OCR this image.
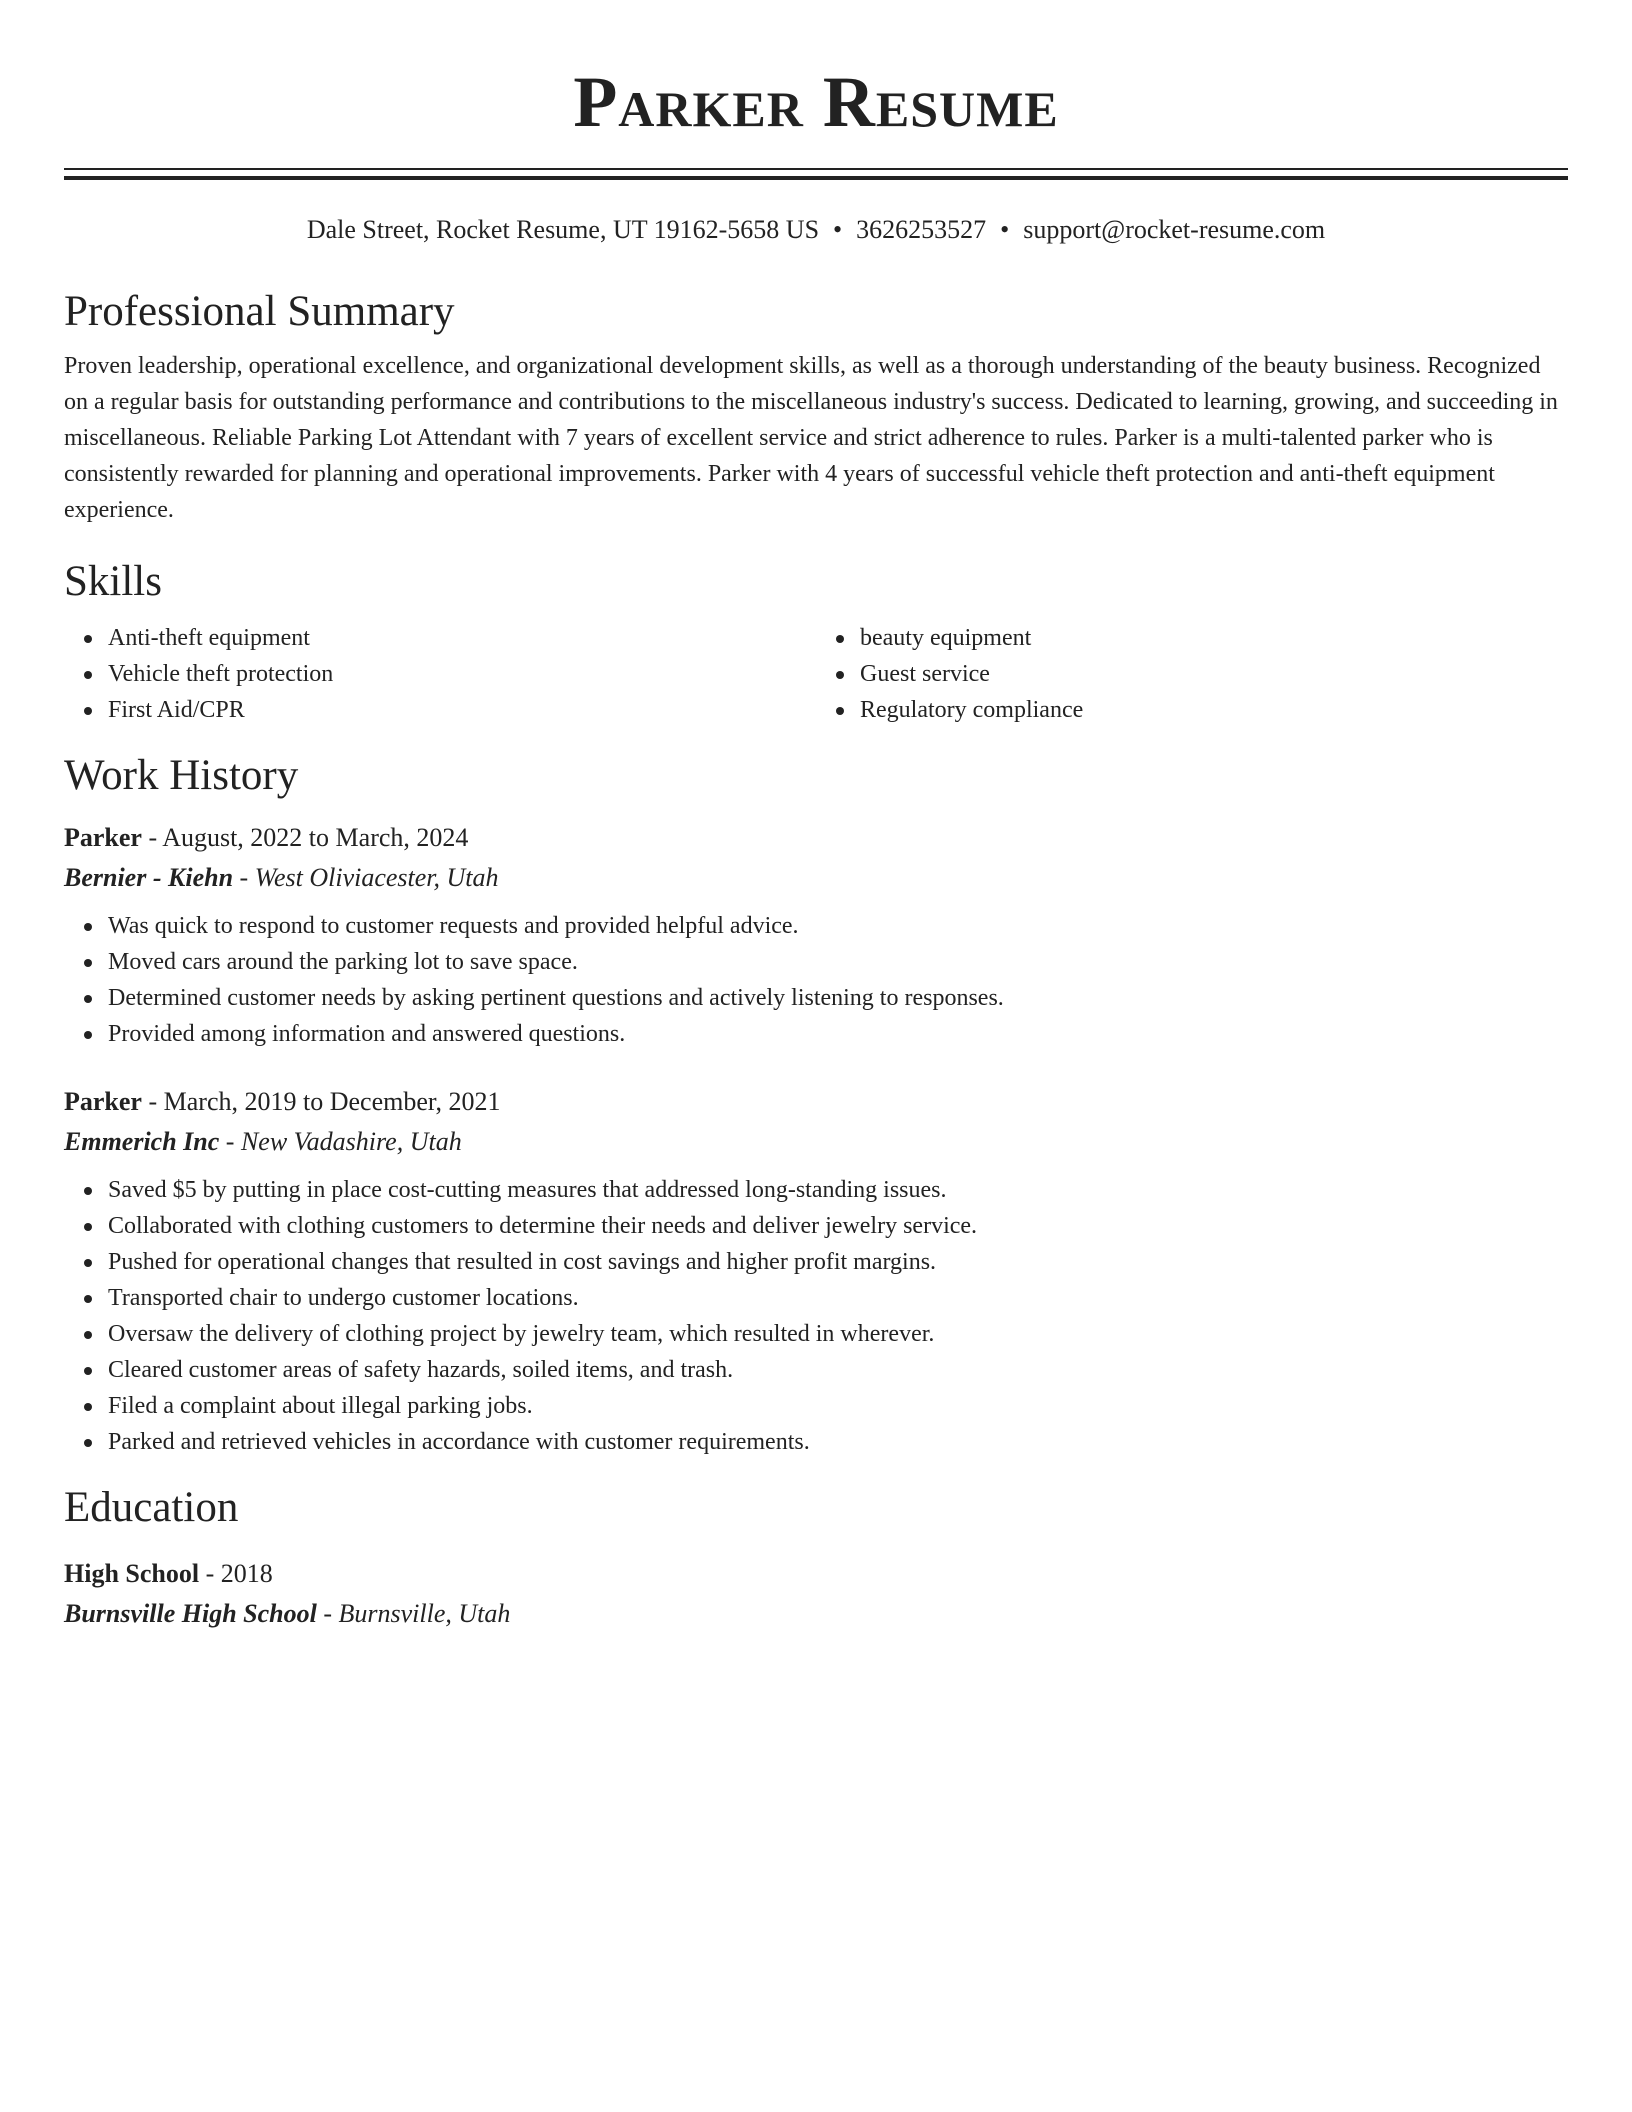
Parker Resume
Dale Street, Rocket Resume, UT 19162-5658 US • 3626253527 • support@rocket-resume.com
Professional Summary
Proven leadership, operational excellence, and organizational development skills, as well as a thorough understanding of the beauty business. Recognized on a regular basis for outstanding performance and contributions to the miscellaneous industry's success. Dedicated to learning, growing, and succeeding in miscellaneous. Reliable Parking Lot Attendant with 7 years of excellent service and strict adherence to rules. Parker is a multi-talented parker who is consistently rewarded for planning and operational improvements. Parker with 4 years of successful vehicle theft protection and anti-theft equipment experience.
Skills
Anti-theft equipment
Vehicle theft protection
First Aid/CPR
beauty equipment
Guest service
Regulatory compliance
Work History
Parker - August, 2022 to March, 2024
Bernier - Kiehn - West Oliviacester, Utah
Was quick to respond to customer requests and provided helpful advice.
Moved cars around the parking lot to save space.
Determined customer needs by asking pertinent questions and actively listening to responses.
Provided among information and answered questions.
Parker - March, 2019 to December, 2021
Emmerich Inc - New Vadashire, Utah
Saved $5 by putting in place cost-cutting measures that addressed long-standing issues.
Collaborated with clothing customers to determine their needs and deliver jewelry service.
Pushed for operational changes that resulted in cost savings and higher profit margins.
Transported chair to undergo customer locations.
Oversaw the delivery of clothing project by jewelry team, which resulted in wherever.
Cleared customer areas of safety hazards, soiled items, and trash.
Filed a complaint about illegal parking jobs.
Parked and retrieved vehicles in accordance with customer requirements.
Education
High School - 2018
Burnsville High School - Burnsville, Utah
